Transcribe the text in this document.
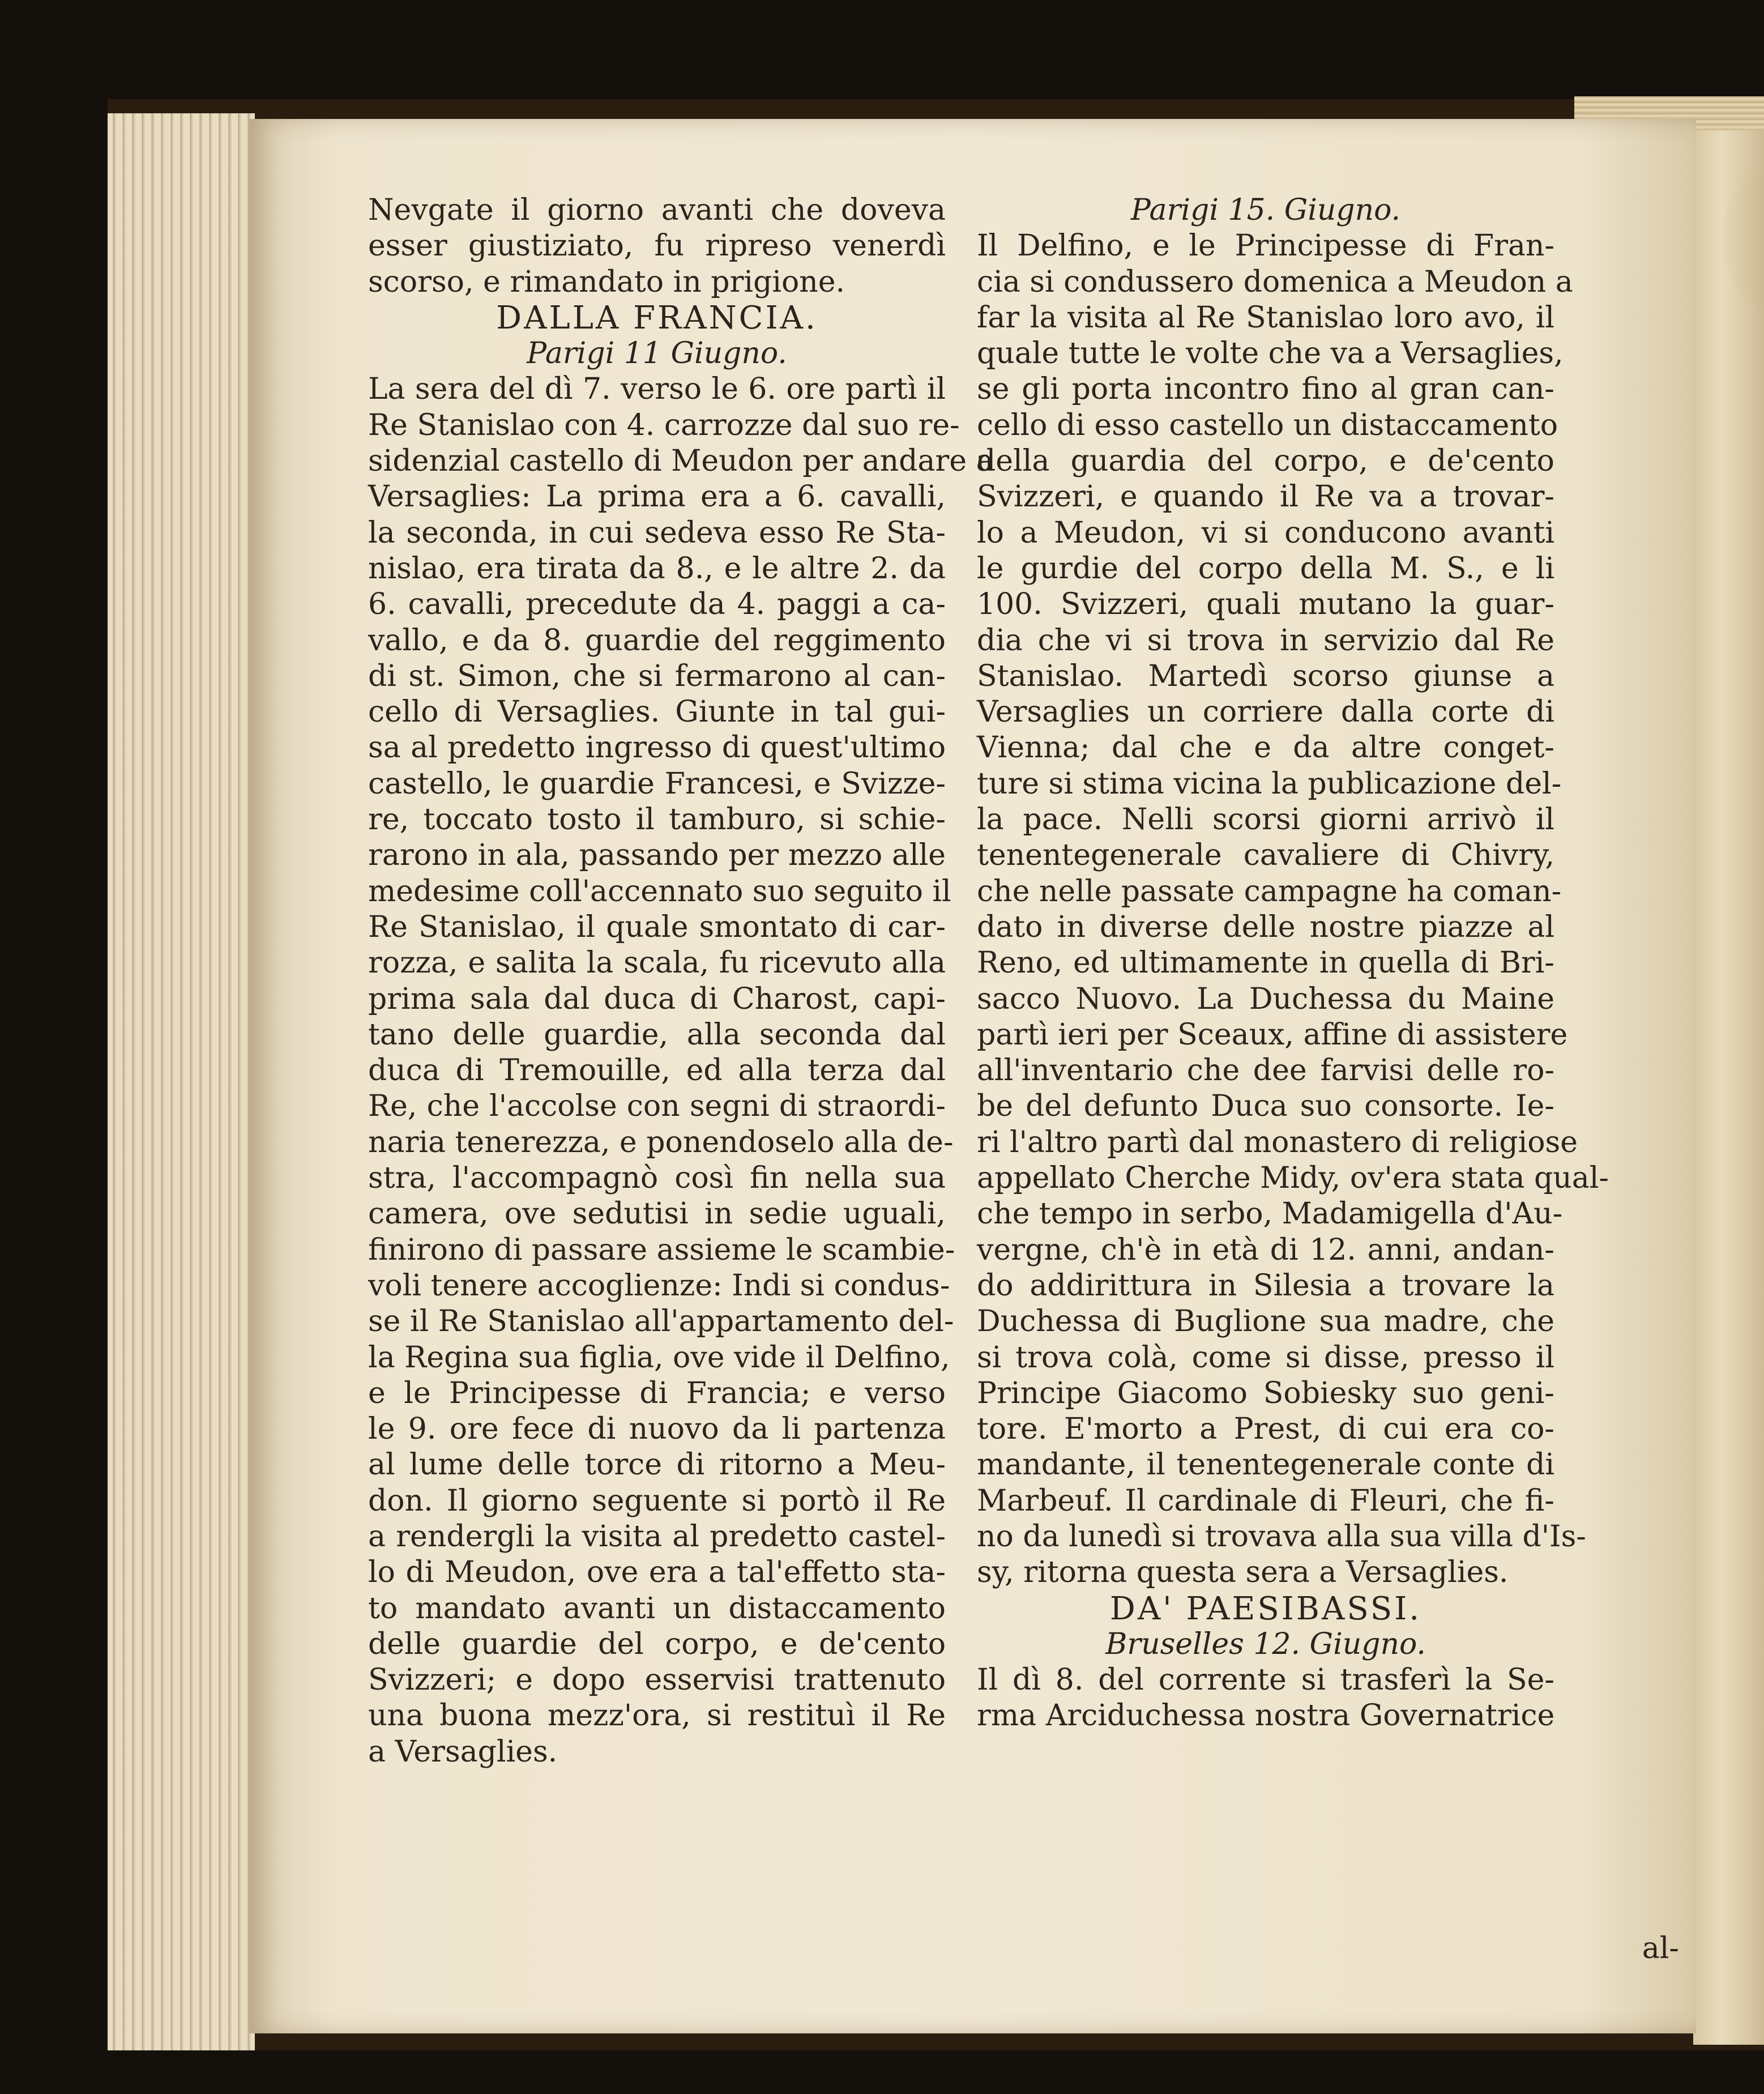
Nevgate il giorno avanti che doveva
esser giustiziato, fu ripreso venerdì
scorso, e rimandato in prigione.
DALLA FRANCIA.
Parigi 11 Giugno.
La sera del dì 7. verso le 6. ore partì il
Re Stanislao con 4. carrozze dal suo re-
sidenzial castello di Meudon per andare a
Versaglies: La prima era a 6. cavalli,
la seconda, in cui sedeva esso Re Sta-
nislao, era tirata da 8., e le altre 2. da
6. cavalli, precedute da 4. paggi a ca-
vallo, e da 8. guardie del reggimento
di st. Simon, che si fermarono al can-
cello di Versaglies. Giunte in tal gui-
sa al predetto ingresso di quest'ultimo
castello, le guardie Francesi, e Svizze-
re, toccato tosto il tamburo, si schie-
rarono in ala, passando per mezzo alle
medesime coll'accennato suo seguito il
Re Stanislao, il quale smontato di car-
rozza, e salita la scala, fu ricevuto alla
prima sala dal duca di Charost, capi-
tano delle guardie, alla seconda dal
duca di Tremouille, ed alla terza dal
Re, che l'accolse con segni di straordi-
naria tenerezza, e ponendoselo alla de-
stra, l'accompagnò così fin nella sua
camera, ove sedutisi in sedie uguali,
finirono di passare assieme le scambie-
voli tenere accoglienze: Indi si condus-
se il Re Stanislao all'appartamento del-
la Regina sua figlia, ove vide il Delfino,
e le Principesse di Francia; e verso
le 9. ore fece di nuovo da li partenza
al lume delle torce di ritorno a Meu-
don. Il giorno seguente si portò il Re
a rendergli la visita al predetto castel-
lo di Meudon, ove era a tal'effetto sta-
to mandato avanti un distaccamento
delle guardie del corpo, e de'cento
Svizzeri; e dopo esservisi trattenuto
una buona mezz'ora, si restituì il Re
a Versaglies.
Parigi 15. Giugno.
Il Delfino, e le Principesse di Fran-
cia si condussero domenica a Meudon a
far la visita al Re Stanislao loro avo, il
quale tutte le volte che va a Versaglies,
se gli porta incontro fino al gran can-
cello di esso castello un distaccamento
della guardia del corpo, e de'cento
Svizzeri, e quando il Re va a trovar-
lo a Meudon, vi si conducono avanti
le gurdie del corpo della M. S., e li
100. Svizzeri, quali mutano la guar-
dia che vi si trova in servizio dal Re
Stanislao. Martedì scorso giunse a
Versaglies un corriere dalla corte di
Vienna; dal che e da altre conget-
ture si stima vicina la publicazione del-
la pace. Nelli scorsi giorni arrivò il
tenentegenerale cavaliere di Chivry,
che nelle passate campagne ha coman-
dato in diverse delle nostre piazze al
Reno, ed ultimamente in quella di Bri-
sacco Nuovo. La Duchessa du Maine
partì ieri per Sceaux, affine di assistere
all'inventario che dee farvisi delle ro-
be del defunto Duca suo consorte. Ie-
ri l'altro partì dal monastero di religiose
appellato Cherche Midy, ov'era stata qual-
che tempo in serbo, Madamigella d'Au-
vergne, ch'è in età di 12. anni, andan-
do addirittura in Silesia a trovare la
Duchessa di Buglione sua madre, che
si trova colà, come si disse, presso il
Principe Giacomo Sobiesky suo geni-
tore. E'morto a Prest, di cui era co-
mandante, il tenentegenerale conte di
Marbeuf. Il cardinale di Fleuri, che fi-
no da lunedì si trovava alla sua villa d'Is-
sy, ritorna questa sera a Versaglies.
DA' PAESIBASSI.
Bruselles 12. Giugno.
Il dì 8. del corrente si trasferì la Se-
rma Arciduchessa nostra Governatrice
al-
